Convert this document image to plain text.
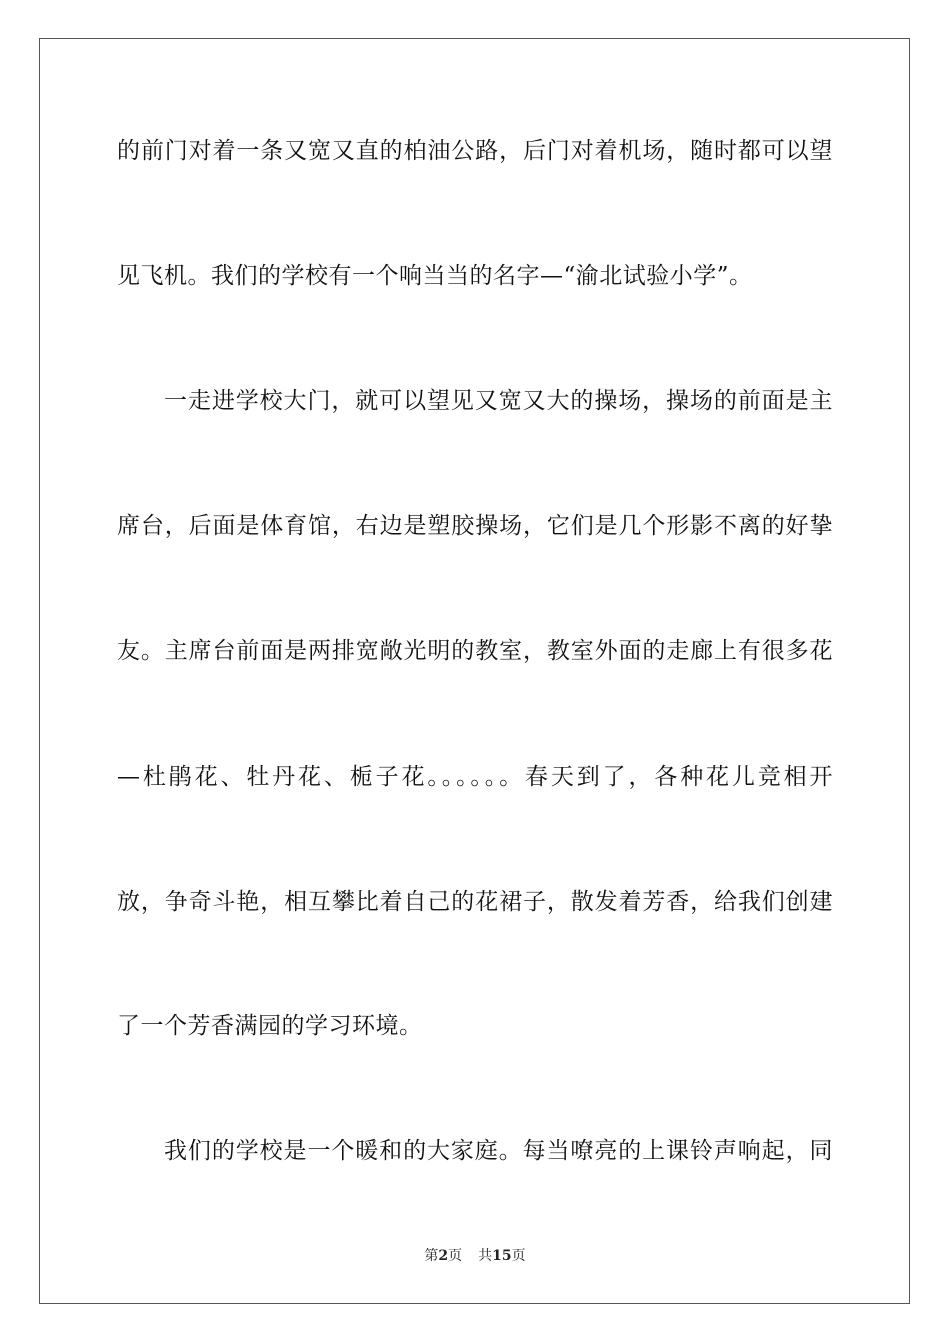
的前门对着一条又宽又直的柏油公路，后门对着机场，随时都可以望
见飞机。我们的学校有一个响当当的名字—“渝北试验小学”。
一走进学校大门，就可以望见又宽又大的操场，操场的前面是主
席台，后面是体育馆，右边是塑胶操场，它们是几个形影不离的好挚
友。主席台前面是两排宽敞光明的教室，教室外面的走廊上有很多花
—杜鹃花、牡丹花、栀子花。。。。。。春天到了，各种花儿竞相开
放，争奇斗艳，相互攀比着自己的花裙子，散发着芳香，给我们创建
了一个芳香满园的学习环境。
我们的学校是一个暖和的大家庭。每当嘹亮的上课铃声响起，同
第2页 共15页
